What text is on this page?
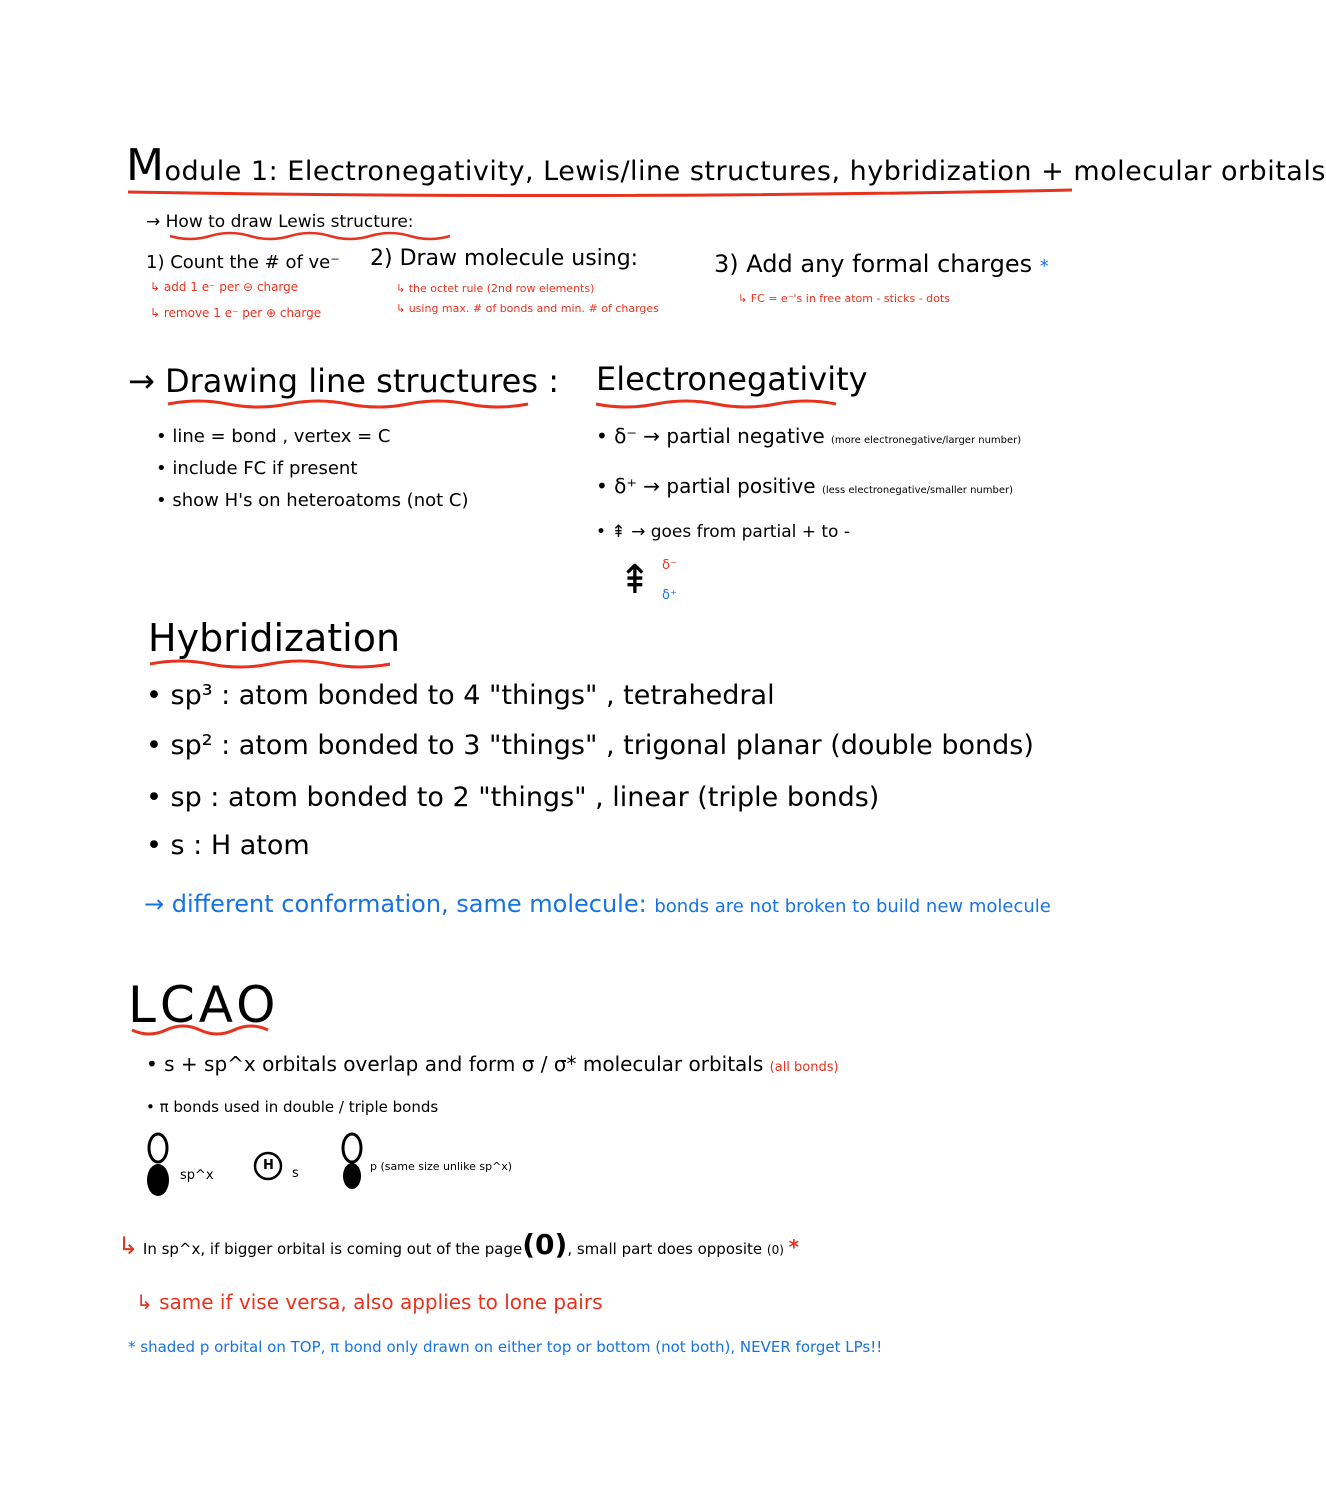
Module 1: Electronegativity, Lewis/line structures, hybridization + molecular orbitals
→ How to draw Lewis structure:
1) Count the # of ve⁻
↳ add 1 e⁻ per ⊖ charge
↳ remove 1 e⁻ per ⊕ charge
2) Draw molecule using:
↳ the octet rule (2nd row elements)
↳ using max. # of bonds and min. # of charges
3) Add any formal charges *
↳ FC = e⁻'s in free atom - sticks - dots
→ Drawing line structures :
• line = bond , vertex = C
• include FC if present
• show H's on heteroatoms (not C)
Electronegativity
• δ⁻ → partial negative (more electronegative/larger number)
• δ⁺ → partial positive (less electronegative/smaller number)
• ⇞ → goes from partial + to -
⇞ δ⁻
δ⁺
Hybridization
• sp³ : atom bonded to 4 "things" , tetrahedral
• sp² : atom bonded to 3 "things" , trigonal planar (double bonds)
• sp : atom bonded to 2 "things" , linear (triple bonds)
• s : H atom
→ different conformation, same molecule: bonds are not broken to build new molecule
LCAO
• s + sp^x orbitals overlap and form σ / σ* molecular orbitals (all bonds)
• π bonds used in double / triple bonds
sp^x
H
s	p (same size unlike sp^x)
↳ In sp^x, if bigger orbital is coming out of the page(0), small part does opposite (0) *
↳ same if vise versa, also applies to lone pairs
* shaded p orbital on TOP, π bond only drawn on either top or bottom (not both), NEVER forget LPs!!
